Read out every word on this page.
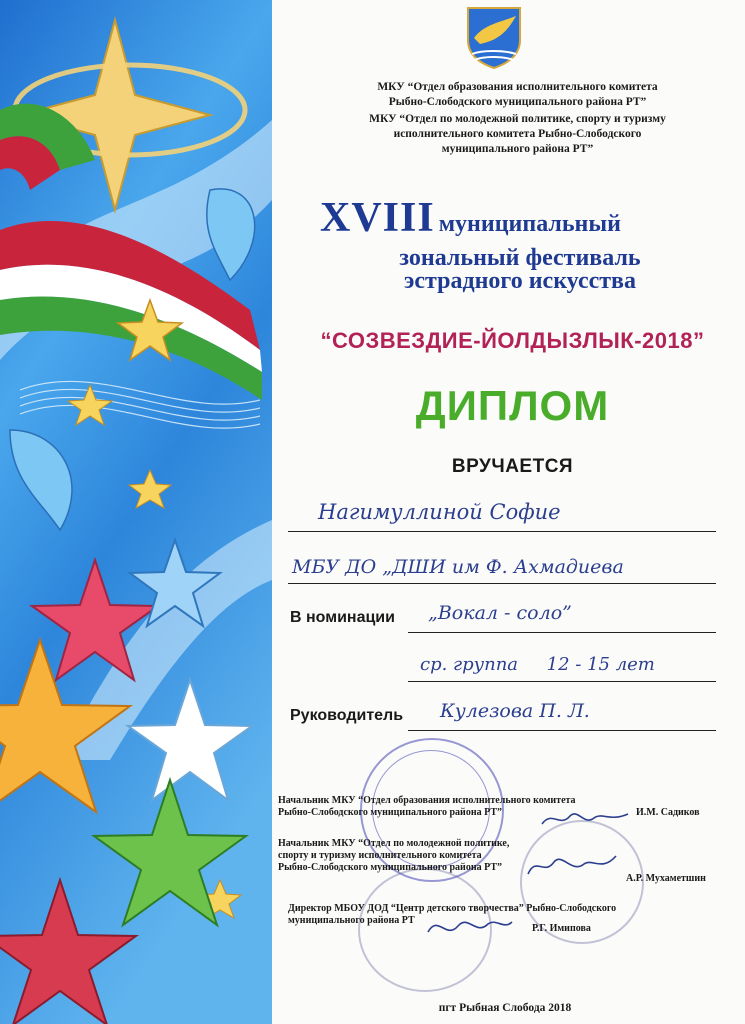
МКУ “Отдел образования исполнительного комитета
Рыбно-Слободского муниципального района РТ”
МКУ “Отдел по молодежной политике, спорту и туризму
исполнительного комитета Рыбно-Слободского
муниципального района РТ”
XVIII муниципальный
зональный фестиваль
эстрадного искусства
“СОЗВЕЗДИЕ-ЙОЛДЫЗЛЫК-2018”
ДИПЛОМ
ВРУЧАЕТСЯ
Нагимуллиной Софие
МБУ ДО „ДШИ им Ф. Ахмадиева
В номинации „Вокал - соло”
ср. группа     12 - 15 лет
Руководитель Кулезова П. Л.
Начальник МКУ “Отдел образования исполнительного комитета
Рыбно-Слободского муниципального района РТ”	И.М. Садиков
Начальник МКУ “Отдел по молодежной политике,
спорту и туризму исполнительного комитета
Рыбно-Слободского муниципального района РТ”
А.Р. Мухаметшин
Директор МБОУ ДОД “Центр детского творчества” Рыбно-Слободского
муниципального района РТ
Р.Г. Имипова
пгт Рыбная Слобода 2018
